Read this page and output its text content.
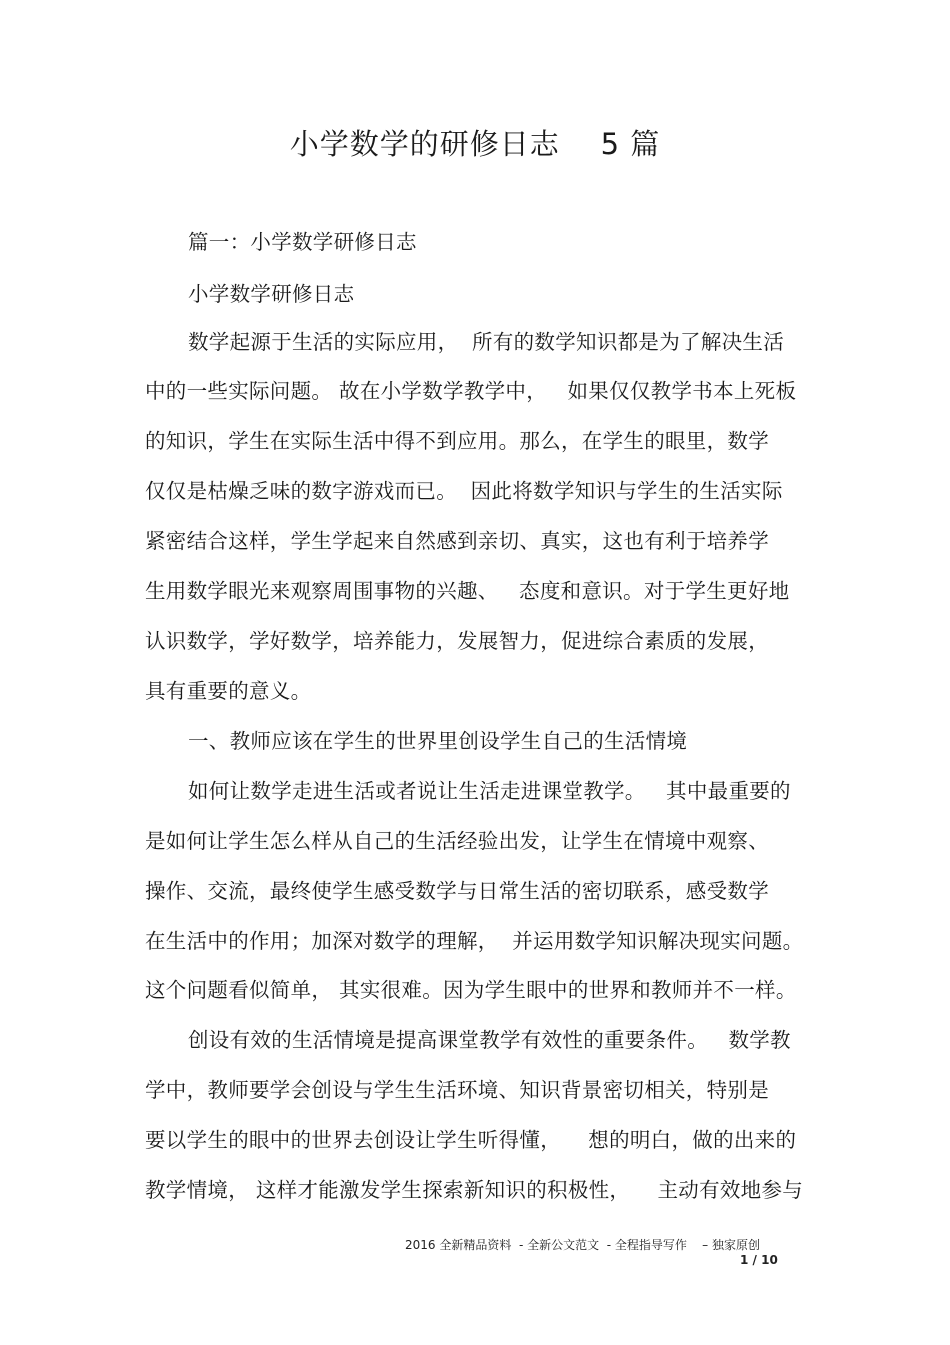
小学数学的研修日志    5 篇
篇一：小学数学研修日志
小学数学研修日志
数学起源于生活的实际应用，  所有的数学知识都是为了解决生活
中的一些实际问题。 故在小学数学教学中，   如果仅仅教学书本上死板
的知识，学生在实际生活中得不到应用。那么，在学生的眼里，数学
仅仅是枯燥乏味的数字游戏而已。  因此将数学知识与学生的生活实际
紧密结合这样，学生学起来自然感到亲切、真实，这也有利于培养学
生用数学眼光来观察周围事物的兴趣、   态度和意识。对于学生更好地
认识数学，学好数学，培养能力，发展智力，促进综合素质的发展，
具有重要的意义。
一、教师应该在学生的世界里创设学生自己的生活情境
如何让数学走进生活或者说让生活走进课堂教学。   其中最重要的
是如何让学生怎么样从自己的生活经验出发，让学生在情境中观察、
操作、交流，最终使学生感受数学与日常生活的密切联系，感受数学
在生活中的作用；加深对数学的理解，  并运用数学知识解决现实问题。
这个问题看似简单， 其实很难。因为学生眼中的世界和教师并不一样。
创设有效的生活情境是提高课堂教学有效性的重要条件。   数学教
学中，教师要学会创设与学生生活环境、知识背景密切相关，特别是
要以学生的眼中的世界去创设让学生听得懂，    想的明白，做的出来的
教学情境， 这样才能激发学生探索新知识的积极性，    主动有效地参与
2016 全新精品资料  - 全新公文范文  - 全程指导写作    – 独家原创
1 / 10
